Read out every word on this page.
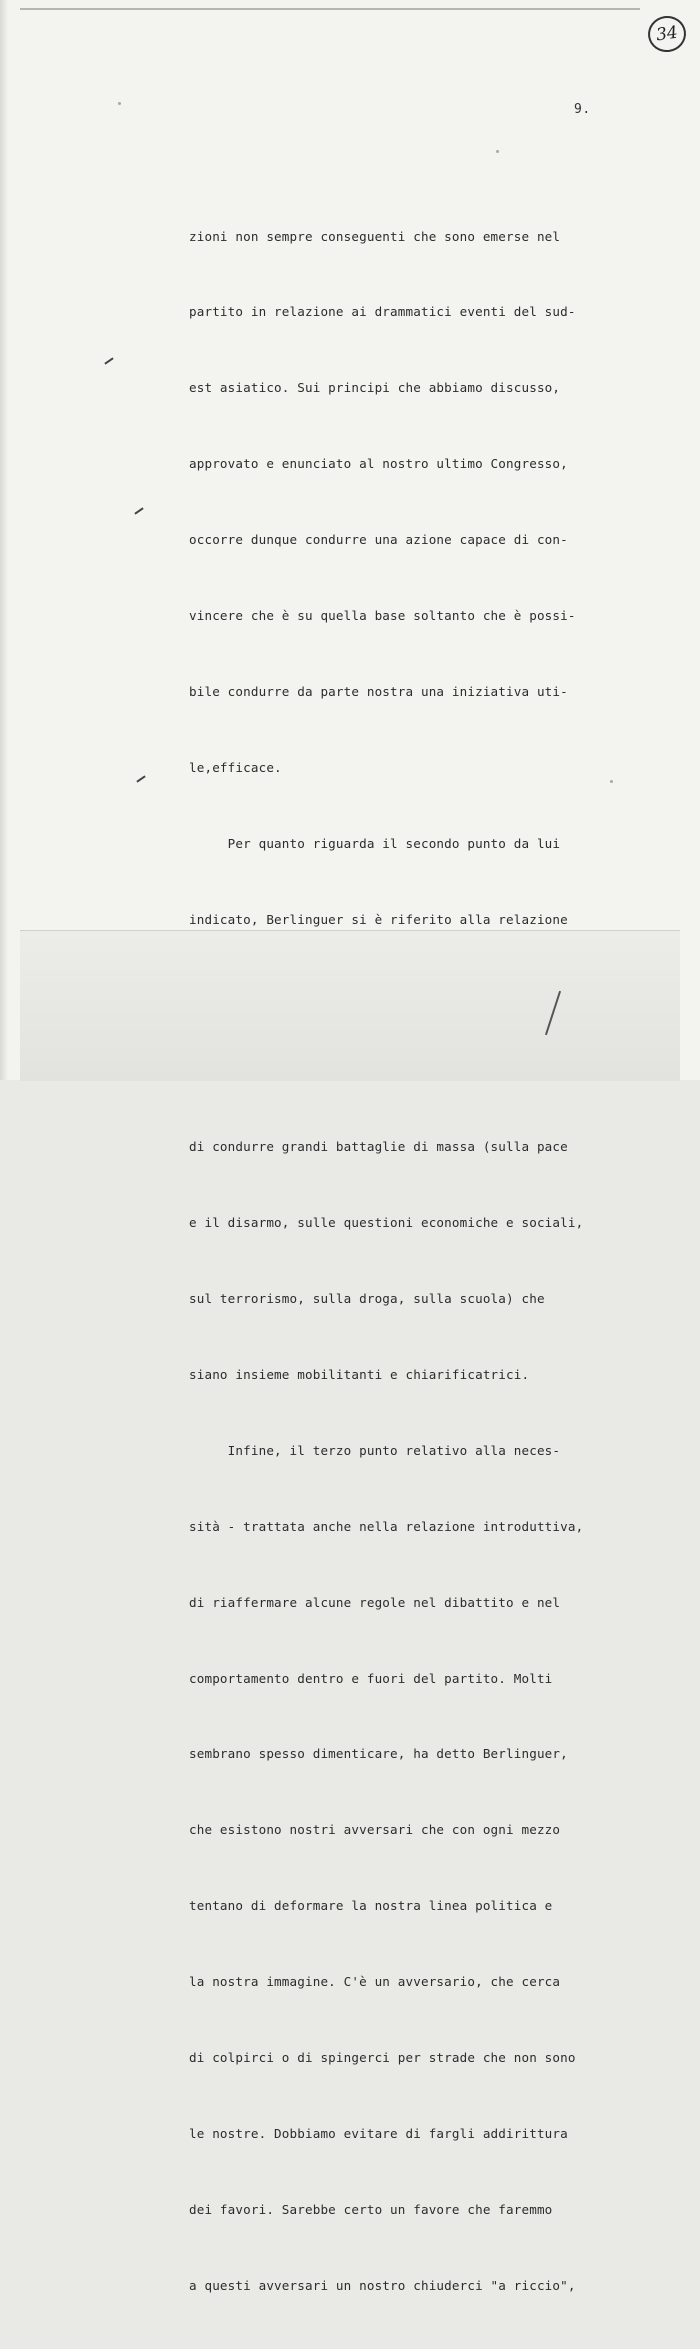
34
9.

zioni non sempre conseguenti che sono emerse nel

partito in relazione ai drammatici eventi del sud-

est asiatico. Sui principi che abbiamo discusso,

approvato e enunciato al nostro ultimo Congresso,

occorre dunque condurre una azione capace di con-

vincere che è su quella base soltanto che è possi-

bile condurre da parte nostra una iniziativa uti-

le,efficace.

Per quanto riguarda il secondo punto da lui

indicato, Berlinguer si è riferito alla relazione

di condurre grandi battaglie di massa (sulla pace

e il disarmo, sulle questioni economiche e sociali,

sul terrorismo, sulla droga, sulla scuola) che

siano insieme mobilitanti e chiarificatrici.

Infine, il terzo punto relativo alla neces-

sità - trattata anche nella relazione introduttiva,

di riaffermare alcune regole nel dibattito e nel

comportamento dentro e fuori del partito. Molti

sembrano spesso dimenticare, ha detto Berlinguer,

che esistono nostri avversari che con ogni mezzo

tentano di deformare la nostra linea politica e

la nostra immagine. C'è un avversario, che cerca

di colpirci o di spingerci per strade che non sono

le nostre. Dobbiamo evitare di fargli addirittura

dei favori. Sarebbe certo un favore che faremmo

a questi avversari un nostro chiuderci "a riccio",
